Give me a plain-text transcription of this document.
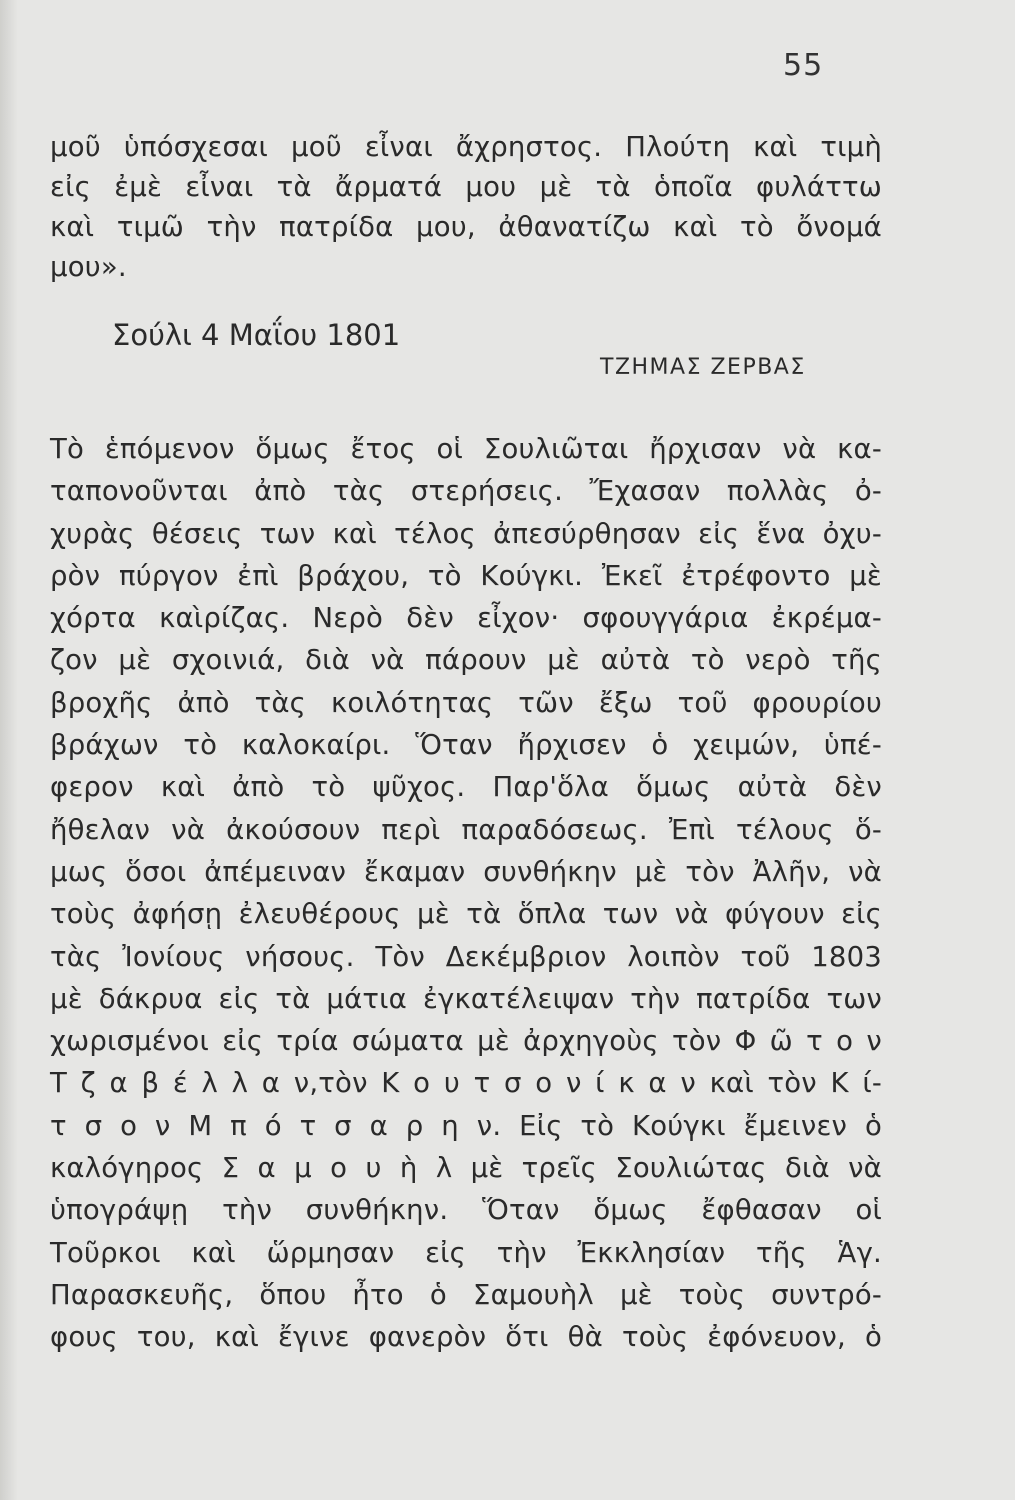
55

μοῦ ὑπόσχεσαι μοῦ εἶναι ἄχρηστος. Πλούτη καὶ τιμὴ
εἰς ἐμὲ εἶναι τὰ ἄρματά μου μὲ τὰ ὁποῖα φυλάττω
καὶ τιμῶ τὴν πατρίδα μου, ἀθανατίζω καὶ τὸ ὄνομά
μου».

Σούλι 4 Μαΐου 1801

ΤΖΗΜΑΣ ΖΕΡΒΑΣ

Τὸ ἑπόμενον ὅμως ἔτος οἱ Σουλιῶται ἤρχισαν νὰ κα-
ταπονοῦνται ἀπὸ τὰς στερήσεις. Ἔχασαν πολλὰς ὀ-
χυρὰς θέσεις των καὶ τέλος ἀπεσύρθησαν εἰς ἕνα ὀχυ-
ρὸν πύργον ἐπὶ βράχου, τὸ Κούγκι. Ἐκεῖ ἐτρέφοντο μὲ
χόρτα καὶρίζας. Νερὸ δὲν εἶχον· σφουγγάρια ἐκρέμα-
ζον μὲ σχοινιά, διὰ νὰ πάρουν μὲ αὐτὰ τὸ νερὸ τῆς
βροχῆς ἀπὸ τὰς κοιλότητας τῶν ἔξω τοῦ φρουρίου
βράχων τὸ καλοκαίρι. Ὅταν ἤρχισεν ὁ χειμών, ὑπέ-
φερον καὶ ἀπὸ τὸ ψῦχος. Παρ'ὅλα ὅμως αὐτὰ δὲν
ἤθελαν νὰ ἀκούσουν περὶ παραδόσεως. Ἐπὶ τέλους ὅ-
μως ὅσοι ἀπέμειναν ἔκαμαν συνθήκην μὲ τὸν Ἀλῆν, νὰ
τοὺς ἀφήσῃ ἐλευθέρους μὲ τὰ ὅπλα των νὰ φύγουν εἰς
τὰς Ἰονίους νήσους. Τὸν Δεκέμβριον λοιπὸν τοῦ 1803
μὲ δάκρυα εἰς τὰ μάτια ἐγκατέλειψαν τὴν πατρίδα των
χωρισμένοι εἰς τρία σώματα μὲ ἀρχηγοὺς τὸν Φ ῶ τ ο ν
Τ ζ α β έ λ λ α ν,τὸν Κ ο υ τ σ ο ν ί κ α ν καὶ τὸν Κ ί-
τ σ ο ν Μ π ό τ σ α ρ η ν. Εἰς τὸ Κούγκι ἔμεινεν ὁ
καλόγηρος Σ α μ ο υ ὴ λ μὲ τρεῖς Σουλιώτας διὰ νὰ
ὑπογράψῃ τὴν συνθήκην. Ὅταν ὅμως ἔφθασαν οἱ
Τοῦρκοι καὶ ὥρμησαν εἰς τὴν Ἐκκλησίαν τῆς Ἁγ.
Παρασκευῆς, ὅπου ἦτο ὁ Σαμουὴλ μὲ τοὺς συντρό-
φους του, καὶ ἔγινε φανερὸν ὅτι θὰ τοὺς ἐφόνευον, ὁ
